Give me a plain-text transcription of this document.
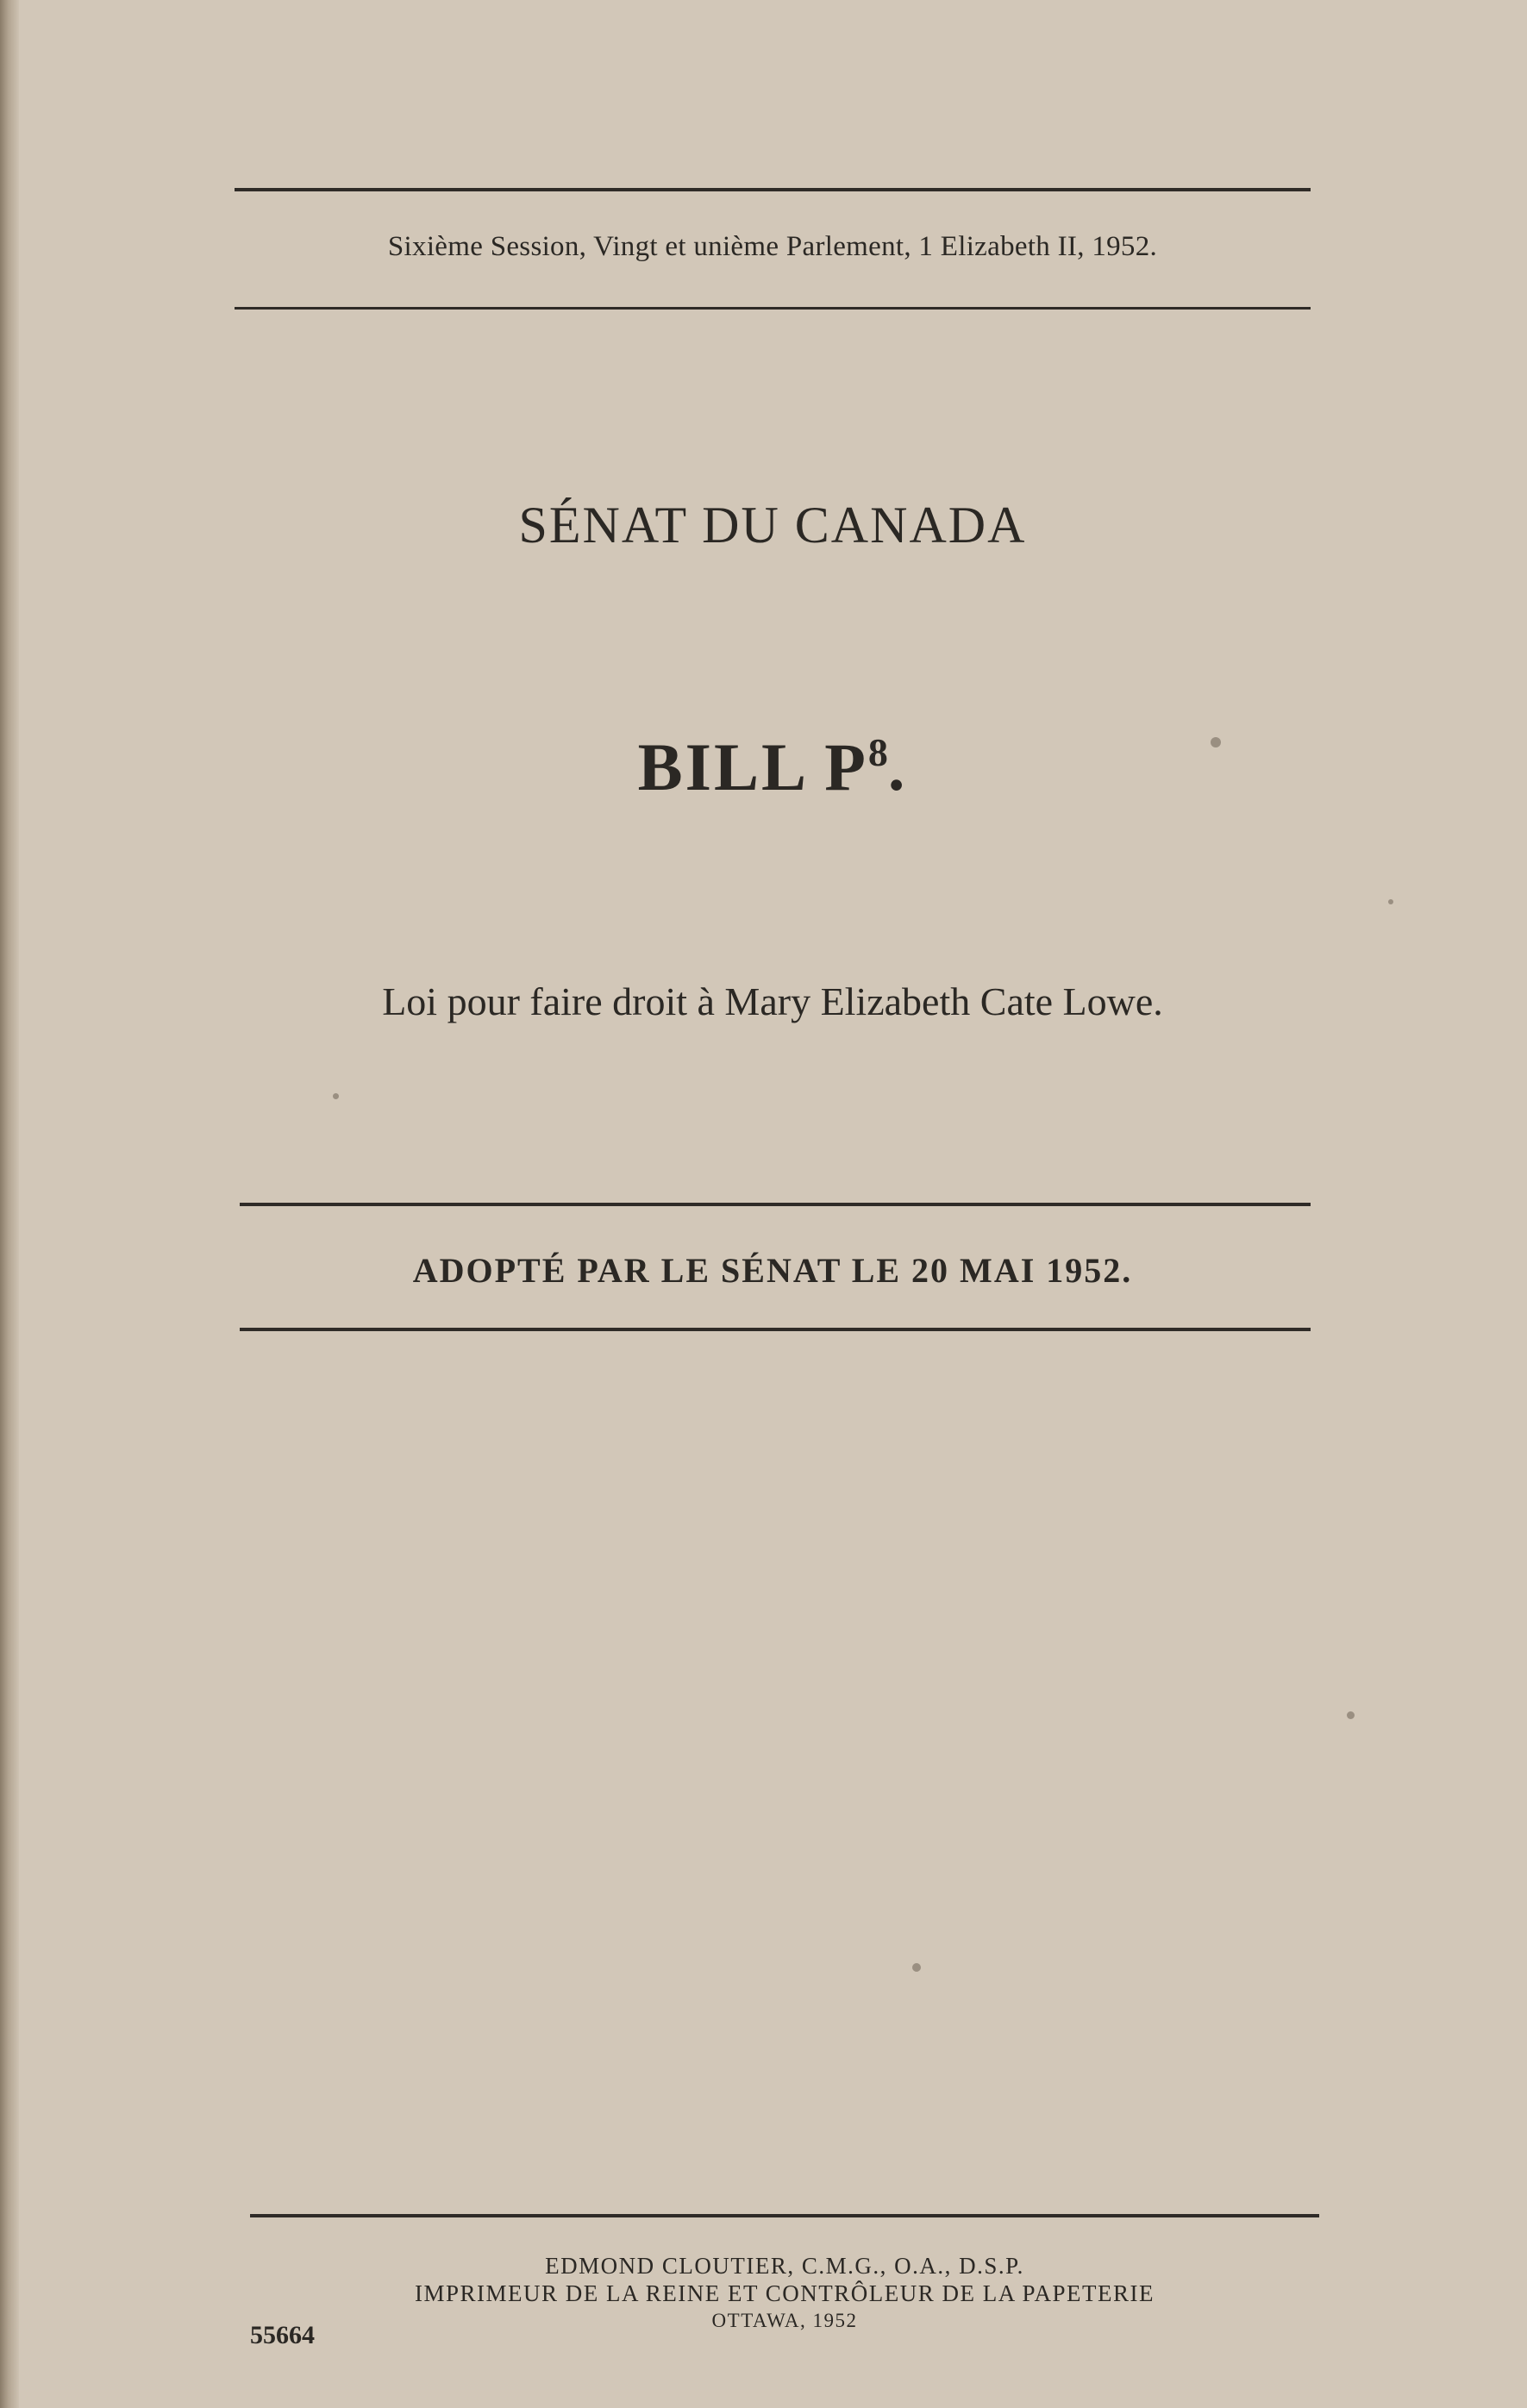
Sixième Session, Vingt et unième Parlement, 1 Elizabeth II, 1952.
SÉNAT DU CANADA
BILL $P^8$.
Loi pour faire droit à Mary Elizabeth Cate Lowe.
ADOPTÉ PAR LE SÉNAT LE 20 MAI 1952.
EDMOND CLOUTIER, C.M.G., O.A., D.S.P.
IMPRIMEUR DE LA REINE ET CONTRÔLEUR DE LA PAPETERIE
OTTAWA, 1952
55664
